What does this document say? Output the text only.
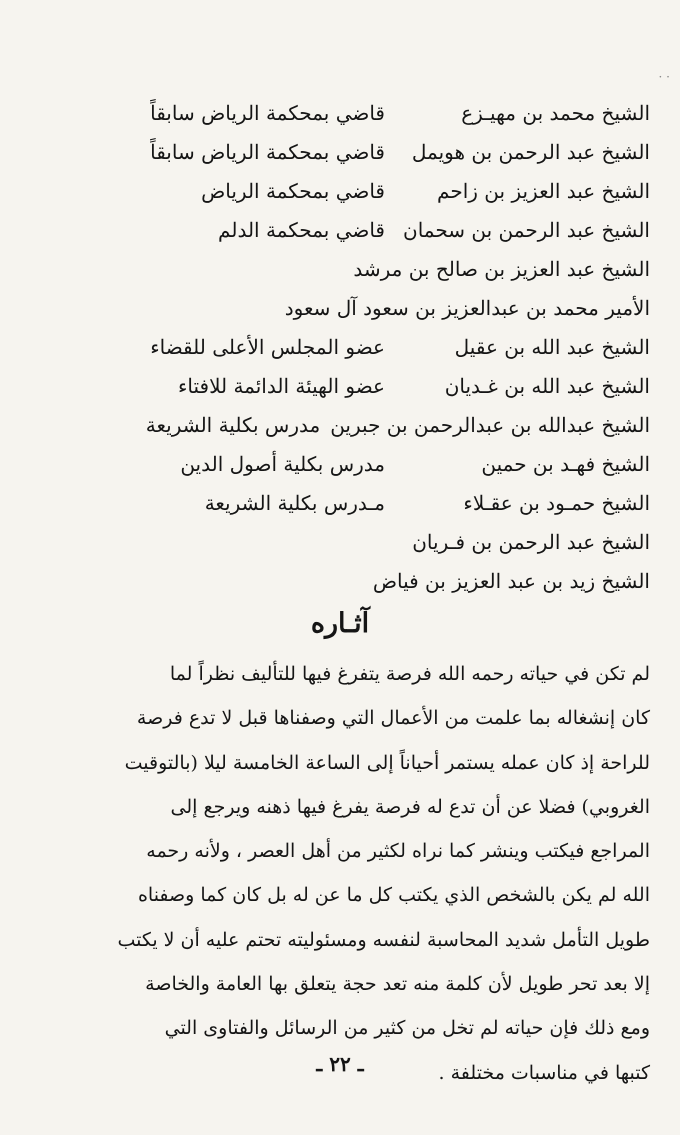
· ·
الشيخ محمد بن مهيـزع
قاضي بمحكمة الرياض سابقاً
الشيخ عبد الرحمن بن هويمل
قاضي بمحكمة الرياض سابقاً
الشيخ عبد العزيز بن زاحم
قاضي بمحكمة الرياض
الشيخ عبد الرحمن بن سحمان
قاضي بمحكمة الدلم
الشيخ عبد العزيز بن صالح بن مرشد
الأمير محمد بن عبدالعزيز بن سعود آل سعود
الشيخ عبد الله بن عقيل
عضو المجلس الأعلى للقضاء
الشيخ عبد الله بن غـديان
عضو الهيئة الدائمة للافتاء
الشيخ عبدالله بن عبدالرحمن بن جبرين
مدرس بكلية الشريعة
الشيخ فهـد بن حمين
مدرس بكلية أصول الدين
الشيخ حمـود بن عقـلاء
مـدرس بكلية الشريعة
الشيخ عبد الرحمن بن فـريان
الشيخ زيد بن عبد العزيز بن فياض
آثـاره
لم تكن في حياته رحمه الله فرصة يتفرغ فيها للتأليف نظراً لما
كان إنشغاله بما علمت من الأعمال التي وصفناها قبل لا تدع فرصة
للراحة إذ كان عمله يستمر أحياناً إلى الساعة الخامسة ليلا (بالتوقيت
الغروبي) فضلا عن أن تدع له فرصة يفرغ فيها ذهنه ويرجع إلى
المراجع فيكتب وينشر كما نراه لكثير من أهل العصر ، ولأنه رحمه
الله لم يكن بالشخص الذي يكتب كل ما عن له بل كان كما وصفناه
طويل التأمل شديد المحاسبة لنفسه ومسئوليته تحتم عليه أن لا يكتب
إلا بعد تحر طويل لأن كلمة منه تعد حجة يتعلق بها العامة والخاصة
ومع ذلك فإن حياته لم تخل من كثير من الرسائل والفتاوى التي
كتبها في مناسبات مختلفة .
ـ ٢٢ ـ
